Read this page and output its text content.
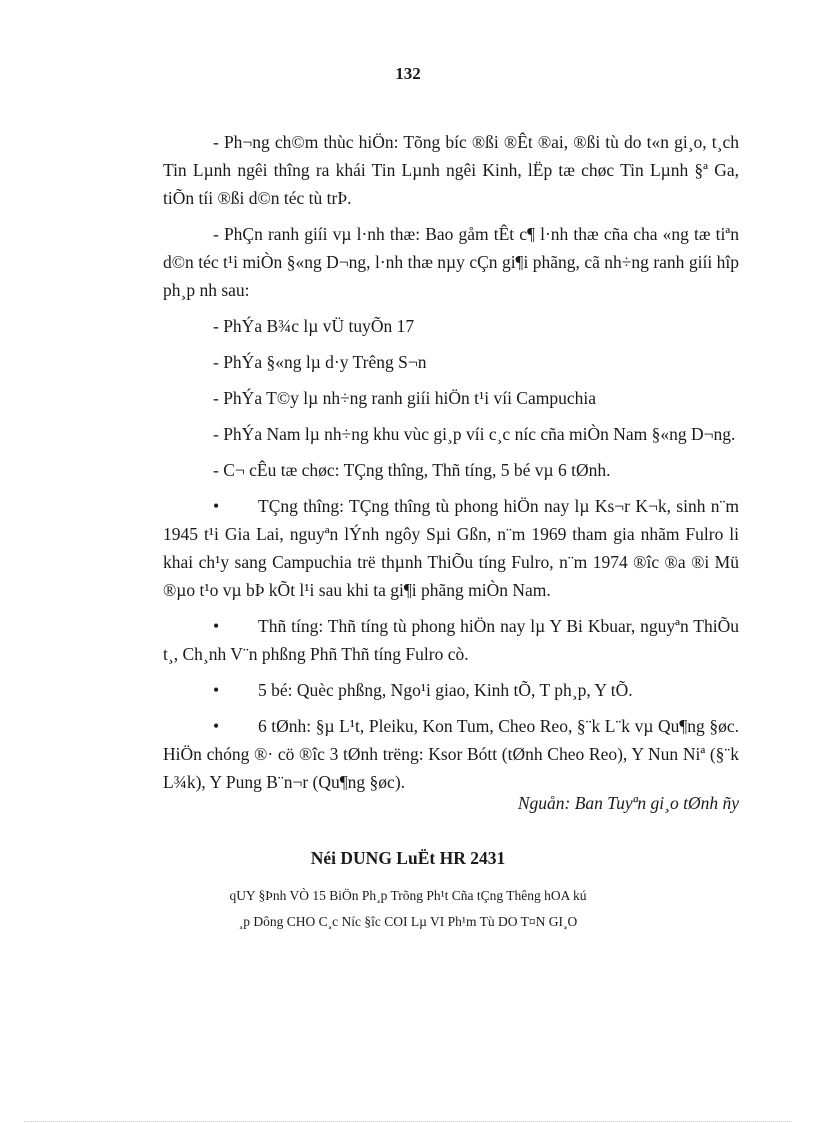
132

- Ph¬ng ch©m thùc hiÖn: Tõng bíc ®ßi ®Êt ®ai, ®ßi tù do t«n gi¸o, t¸ch Tin Lµnh ngêi thîng ra khái Tin Lµnh ngêi Kinh, lËp tæ chøc Tin Lµnh §ª Ga, tiÕn tíi ®ßi d©n téc tù trÞ.

- PhÇn ranh giíi vµ l·nh thæ: Bao gåm tÊt c¶ l·nh thæ cña cha «ng tæ tiªn d©n téc t¹i miÒn §«ng D¬ng, l·nh thæ nµy cÇn gi¶i phãng, cã nh÷ng ranh giíi hîp ph¸p nh sau:

- PhÝa B¾c lµ vÜ tuyÕn 17

- PhÝa §«ng lµ d·y Trêng S¬n

- PhÝa T©y lµ nh÷ng ranh giíi hiÖn t¹i víi Campuchia

- PhÝa Nam lµ nh÷ng khu vùc gi¸p víi c¸c níc cña miÒn Nam §«ng D¬ng.

- C¬ cÊu tæ chøc: TÇng thîng, Thñ tíng, 5 bé vµ 6 tØnh.

• TÇng thîng: TÇng thîng tù phong hiÖn nay lµ Ks¬r K¬k, sinh n¨m 1945 t¹i Gia Lai, nguyªn lÝnh ngôy Sµi Gßn, n¨m 1969 tham gia nhãm Fulro li khai ch¹y sang Campuchia trë thµnh ThiÕu tíng Fulro, n¨m 1974 ®îc ®a ®i Mü ®µo t¹o vµ bÞ kÕt l¹i sau khi ta gi¶i phãng miÒn Nam.

• Thñ tíng: Thñ tíng tù phong hiÖn nay lµ Y Bi Kbuar, nguyªn ThiÕu t¸, Ch¸nh V¨n phßng Phñ Thñ tíng Fulro cò.

• 5 bé: Quèc phßng, Ngo¹i giao, Kinh tÕ, T ph¸p, Y tÕ.

• 6 tØnh: §µ L¹t, Pleiku, Kon Tum, Cheo Reo, §¨k L¨k vµ Qu¶ng §øc. HiÖn chóng ®· cö ®îc 3 tØnh trëng: Ksor Bótt (tØnh Cheo Reo), Y Nun Niª (§¨k L¾k), Y Pung B¨n¬r (Qu¶ng §øc).

Nguån: Ban Tuyªn gi¸o tØnh ñy

Néi DUNG LuËt HR 2431
qUY §Þnh VÒ 15 BiÖn Ph¸p Trõng Ph¹t Cña tÇng Thêng hOA kú
¸p Dông CHO C¸c Níc §îc COI Lµ VI Ph¹m Tù DO T¤N GI¸O
